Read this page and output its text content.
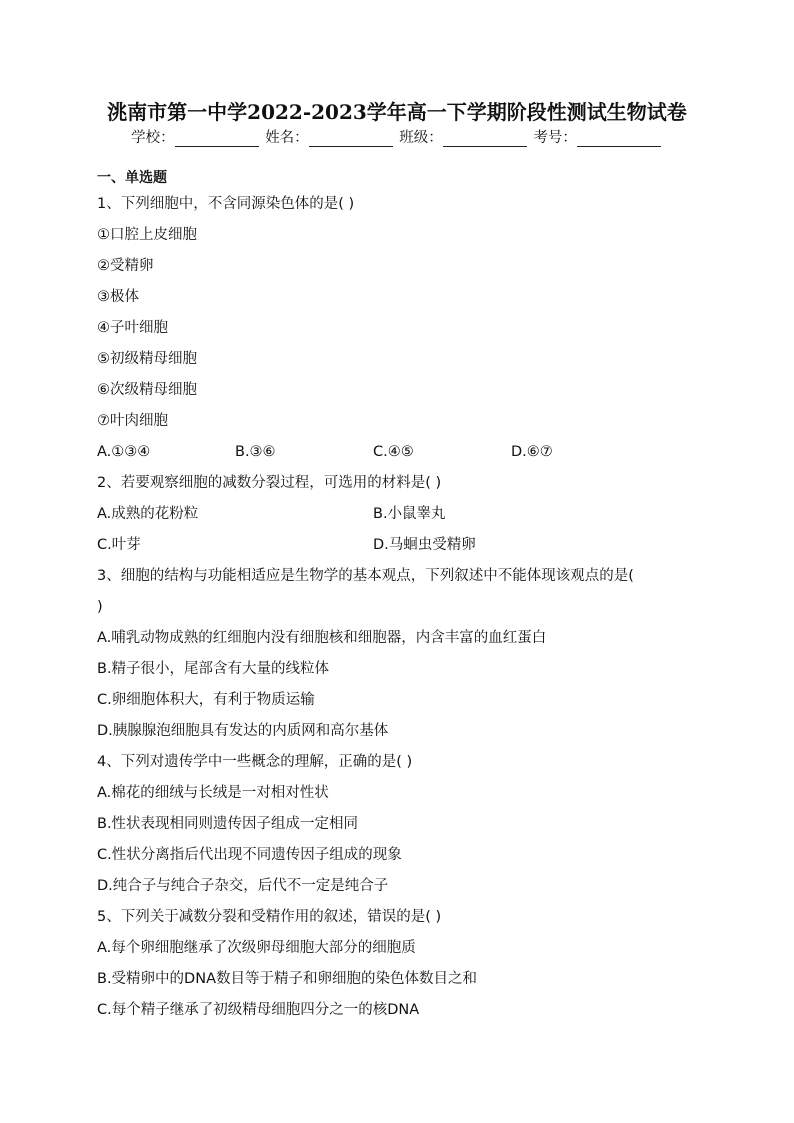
洮南市第一中学2022-2023学年高一下学期阶段性测试生物试卷
学校：	姓名：	班级：	考号：
一、单选题
1、下列细胞中，不含同源染色体的是( )
①口腔上皮细胞
②受精卵
③极体
④子叶细胞
⑤初级精母细胞
⑥次级精母细胞
⑦叶肉细胞
A.①③④	B.③⑥	C.④⑤	D.⑥⑦
2、若要观察细胞的减数分裂过程，可选用的材料是( )
A.成熟的花粉粒	B.小鼠睾丸
C.叶芽	D.马蛔虫受精卵
3、细胞的结构与功能相适应是生物学的基本观点，下列叙述中不能体现该观点的是(
)
A.哺乳动物成熟的红细胞内没有细胞核和细胞器，内含丰富的血红蛋白
B.精子很小，尾部含有大量的线粒体
C.卵细胞体积大，有利于物质运输
D.胰腺腺泡细胞具有发达的内质网和高尔基体
4、下列对遗传学中一些概念的理解，正确的是( )
A.棉花的细绒与长绒是一对相对性状
B.性状表现相同则遗传因子组成一定相同
C.性状分离指后代出现不同遗传因子组成的现象
D.纯合子与纯合子杂交，后代不一定是纯合子
5、下列关于减数分裂和受精作用的叙述，错误的是( )
A.每个卵细胞继承了次级卵母细胞大部分的细胞质
B.受精卵中的DNA数目等于精子和卵细胞的染色体数目之和
C.每个精子继承了初级精母细胞四分之一的核DNA
